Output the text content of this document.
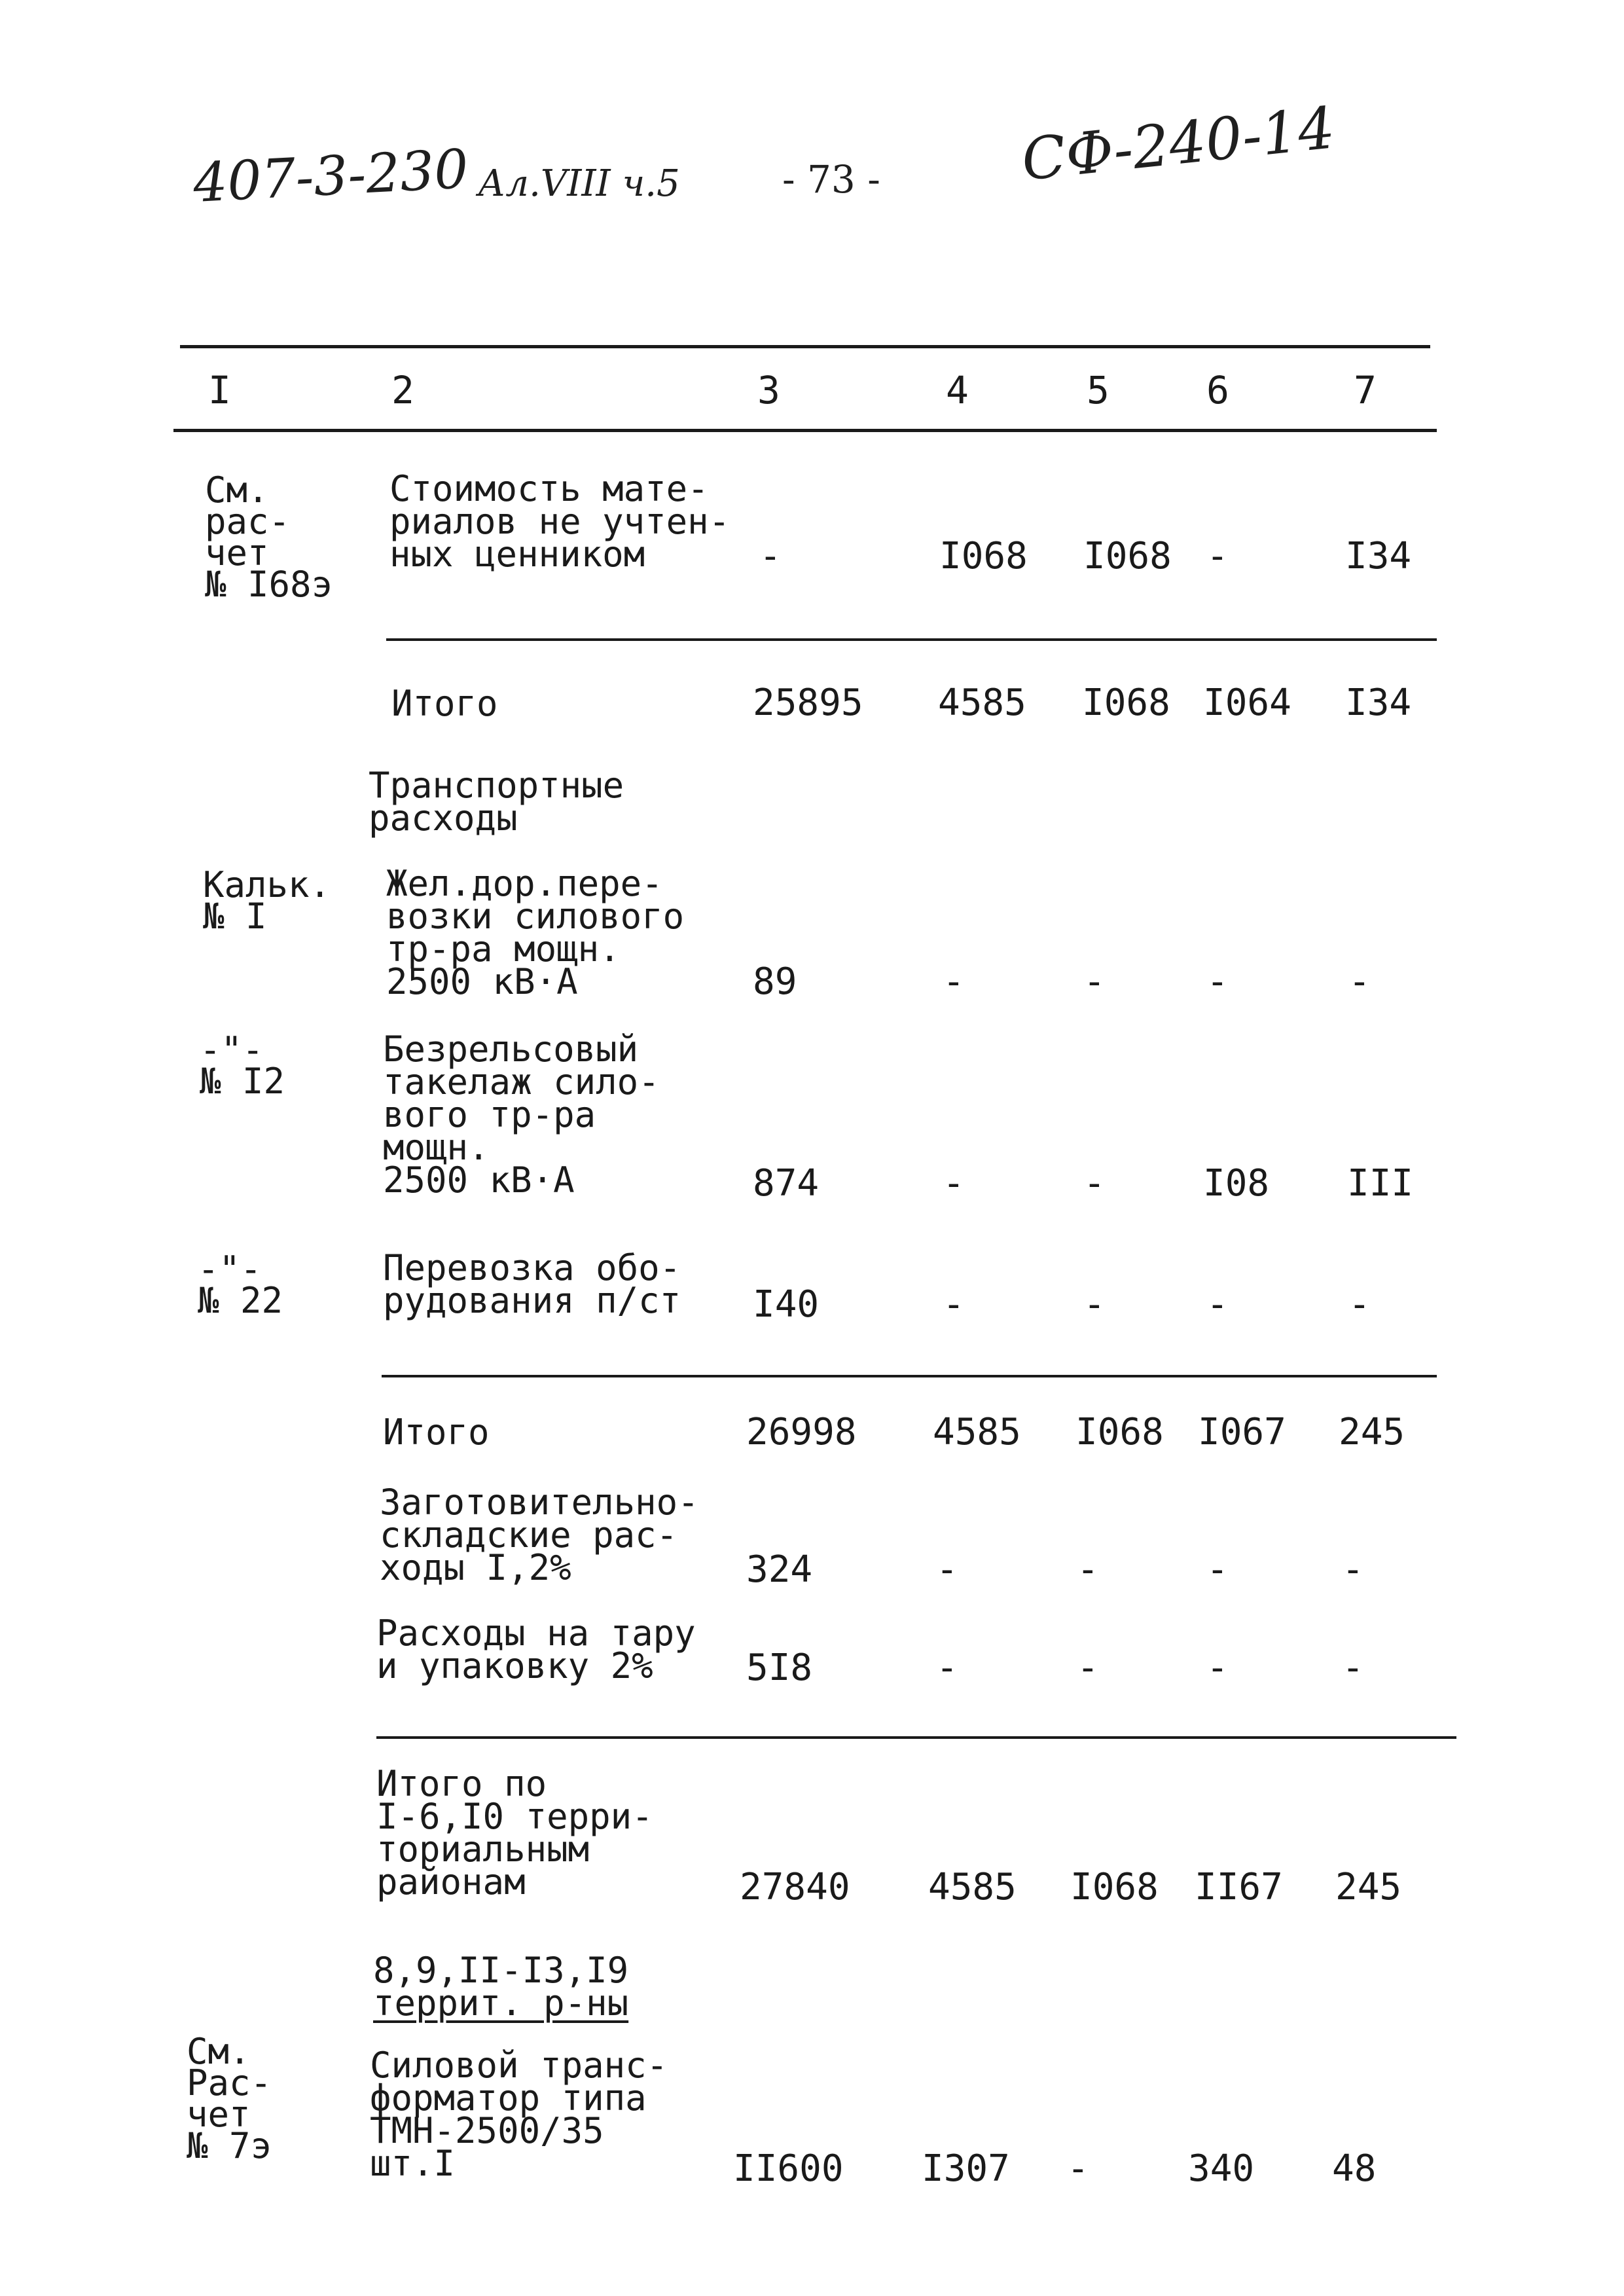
407-3-230 Ал.VIII ч.5	- 73 - СФ-240-14
I	2	3	4	5	6	7
См.
рас-
чет
№ I68э
Стоимость мате-
риалов не учтен-
ных ценником	-	I068 I068 -	I34
Итого	25895 4585 I068 I064 I34
Транспортные
расходы
Кальк.
№ I
Жел.дор.пере-
возки силового
тр-ра мощн.
2500 кВ·А	89	-	-	-	-
-"-
№ I2
Безрельсовый
такелаж сило-
вого тр-ра
мощн.
2500 кВ·А	874	-	-	I08 III
-"-
№ 22
Перевозка обо-
рудования п/ст I40	-	-	-	-
Итого	26998 4585 I068 I067 245
Заготовительно-
складские рас-
ходы I,2%	324	-	-	-	-
Расходы на тару
и упаковку 2%	5I8	-	-	-	-
Итого по
I-6,I0 терри-
ториальным
районам	27840 4585 I068 II67 245
8,9,II-I3,I9
террит. р-ны
См.
Рас-
чет
№ 7э
Силовой транс-
форматор типа
ТМН-2500/35
шт.I	II600 I307 -	340 48
